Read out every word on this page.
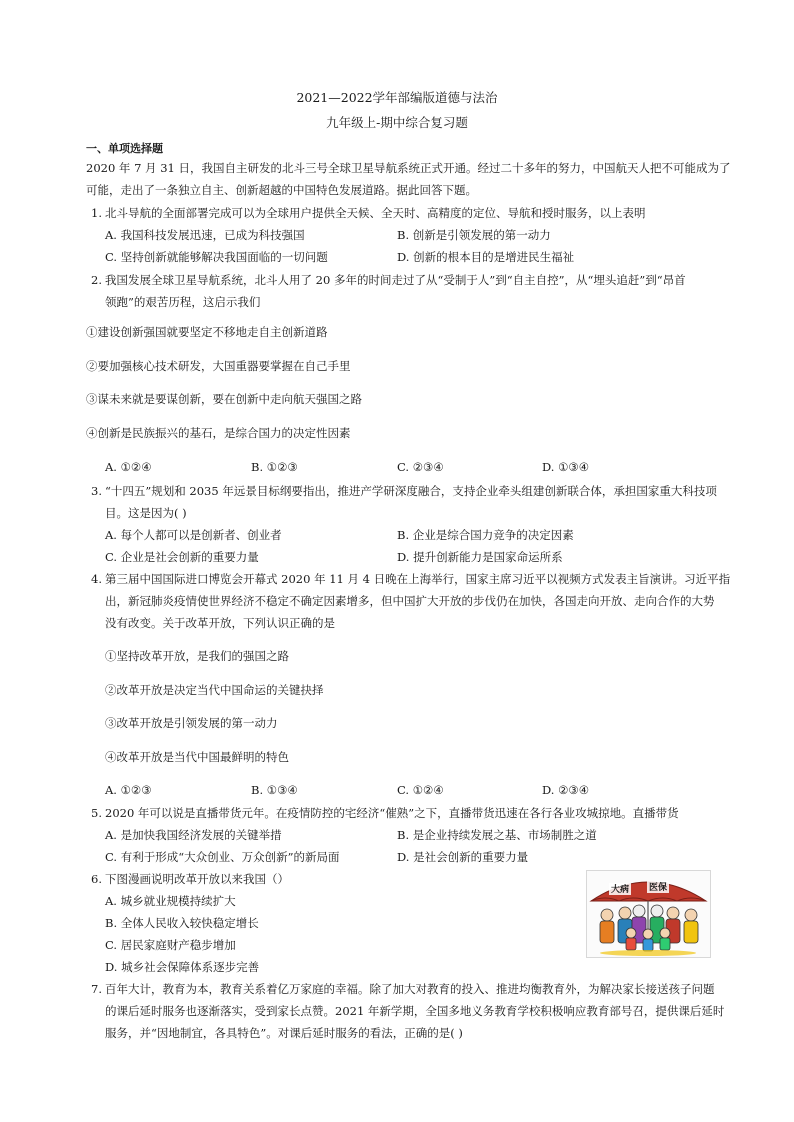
2021—2022学年部编版道德与法治
九年级上-期中综合复习题
一、单项选择题
2020 年 7 月 31 日，我国自主研发的北斗三号全球卫星导航系统正式开通。经过二十多年的努力，中国航天人把不可能成为了
可能，走出了一条独立自主、创新超越的中国特色发展道路。据此回答下题。
1. 北斗导航的全面部署完成可以为全球用户提供全天候、全天时、高精度的定位、导航和授时服务，以上表明
A. 我国科技发展迅速，已成为科技强国	B. 创新是引领发展的第一动力
C. 坚持创新就能够解决我国面临的一切问题	D. 创新的根本目的是增进民生福祉
2. 我国发展全球卫星导航系统，北斗人用了 20 多年的时间走过了从“受制于人”到“自主自控”，从“埋头追赶”到“昂首
领跑”的艰苦历程，这启示我们
①建设创新强国就要坚定不移地走自主创新道路
②要加强核心技术研发，大国重器要掌握在自己手里
③谋未来就是要谋创新，要在创新中走向航天强国之路
④创新是民族振兴的基石，是综合国力的决定性因素
A. ①②④	B. ①②③	C. ②③④	D. ①③④
3. “十四五”规划和 2035 年远景目标纲要指出，推进产学研深度融合，支持企业牵头组建创新联合体，承担国家重大科技项
目。这是因为( )
A. 每个人都可以是创新者、创业者	B. 企业是综合国力竞争的决定因素
C. 企业是社会创新的重要力量	D. 提升创新能力是国家命运所系
4. 第三届中国国际进口博览会开幕式 2020 年 11 月 4 日晚在上海举行，国家主席习近平以视频方式发表主旨演讲。习近平指
出，新冠肺炎疫情使世界经济不稳定不确定因素增多，但中国扩大开放的步伐仍在加快，各国走向开放、走向合作的大势
没有改变。关于改革开放，下列认识正确的是
①坚持改革开放，是我们的强国之路
②改革开放是决定当代中国命运的关键抉择
③改革开放是引领发展的第一动力
④改革开放是当代中国最鲜明的特色
A. ①②③	B. ①③④	C. ①②④	D. ②③④
5. 2020 年可以说是直播带货元年。在疫情防控的宅经济“催熟”之下，直播带货迅速在各行各业攻城掠地。直播带货
A. 是加快我国经济发展的关键举措	B. 是企业持续发展之基、市场制胜之道
C. 有利于形成“大众创业、万众创新”的新局面	D. 是社会创新的重要力量
6. 下图漫画说明改革开放以来我国（）
A. 城乡就业规模持续扩大
B. 全体人民收入较快稳定增长
C. 居民家庭财产稳步增加
D. 城乡社会保障体系逐步完善
大病 医保
7. 百年大计，教育为本，教育关系着亿万家庭的幸福。除了加大对教育的投入、推进均衡教育外，为解决家长接送孩子问题
的课后延时服务也逐渐落实，受到家长点赞。2021 年新学期，全国多地义务教育学校积极响应教育部号召，提供课后延时
服务，并“因地制宜，各具特色”。对课后延时服务的看法，正确的是( )
